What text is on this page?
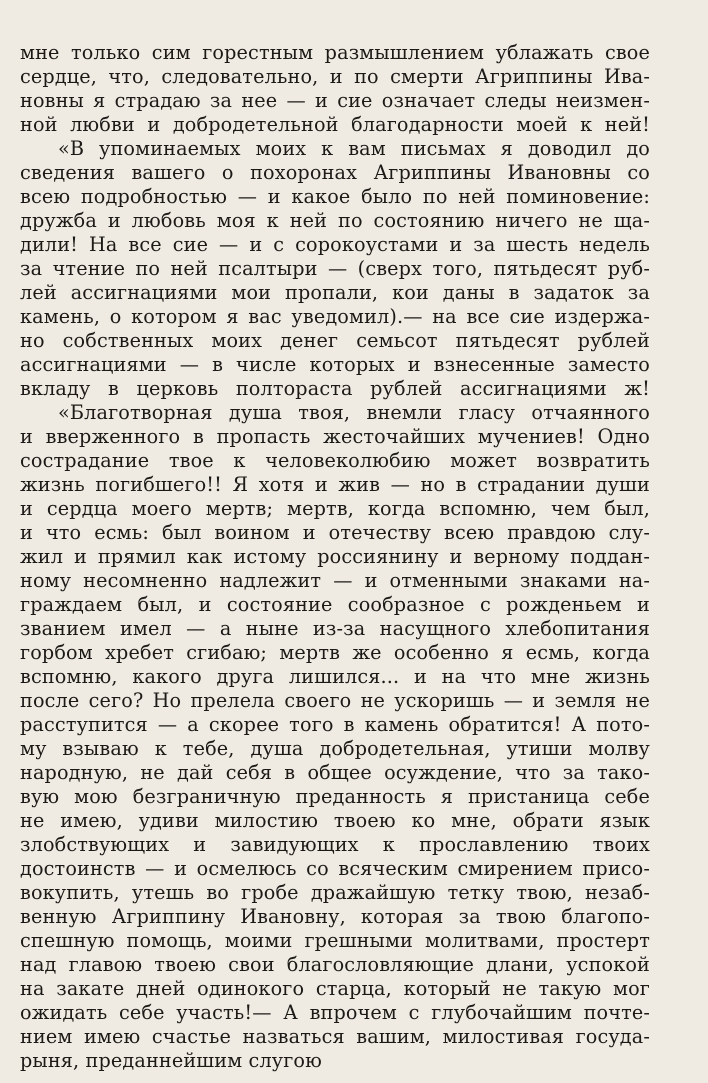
мне только сим горестным размышлением ублажать свое
сердце, что, следовательно, и по смерти Агриппины Ива-
новны я страдаю за нее — и сие означает следы неизмен-
ной любви и добродетельной благодарности моей к ней!
«В упоминаемых моих к вам письмах я доводил до
сведения вашего о похоронах Агриппины Ивановны со
всею подробностью — и какое было по ней поминовение:
дружба и любовь моя к ней по состоянию ничего не ща-
дили! На все сие — и с сорокоустами и за шесть недель
за чтение по ней псалтыри — (сверх того, пятьдесят руб-
лей ассигнациями мои пропали, кои даны в задаток за
камень, о котором я вас уведомил).— на все сие издержа-
но собственных моих денег семьсот пятьдесят рублей
ассигнациями — в числе которых и взнесенные заместо
вкладу в церковь полтораста рублей ассигнациями ж!
«Благотворная душа твоя, внемли гласу отчаянного
и вверженного в пропасть жесточайших мучениев! Одно
сострадание твое к человеколюбию может возвратить
жизнь погибшего!! Я хотя и жив — но в страдании души
и сердца моего мертв; мертв, когда вспомню, чем был,
и что есмь: был воином и отечеству всею правдою слу-
жил и прямил как истому россиянину и верному поддан-
ному несомненно надлежит — и отменными знаками на-
граждаем был, и состояние сообразное с рожденьем и
званием имел — а ныне из-за насущного хлебопитания
горбом хребет сгибаю; мертв же особенно я есмь, когда
вспомню, какого друга лишился... и на что мне жизнь
после сего? Но прелела своего не ускоришь — и земля не
расступится — а скорее того в камень обратится! А пото-
му взываю к тебе, душа добродетельная, утиши молву
народную, не дай себя в общее осуждение, что за тако-
вую мою безграничную преданность я пристаница себе
не имею, удиви милостию твоею ко мне, обрати язык
злобствующих и завидующих к прославлению твоих
достоинств — и осмелюсь со всяческим смирением присо-
вокупить, утешь во гробе дражайшую тетку твою, незаб-
венную Агриппину Ивановну, которая за твою благопо-
спешную помощь, моими грешными молитвами, простерт
над главою твоею свои благословляющие длани, успокой
на закате дней одинокого старца, который не такую мог
ожидать себе участь!— А впрочем с глубочайшим почте-
нием имею счастье назваться вашим, милостивая госуда-
рыня, преданнейшим слугою
